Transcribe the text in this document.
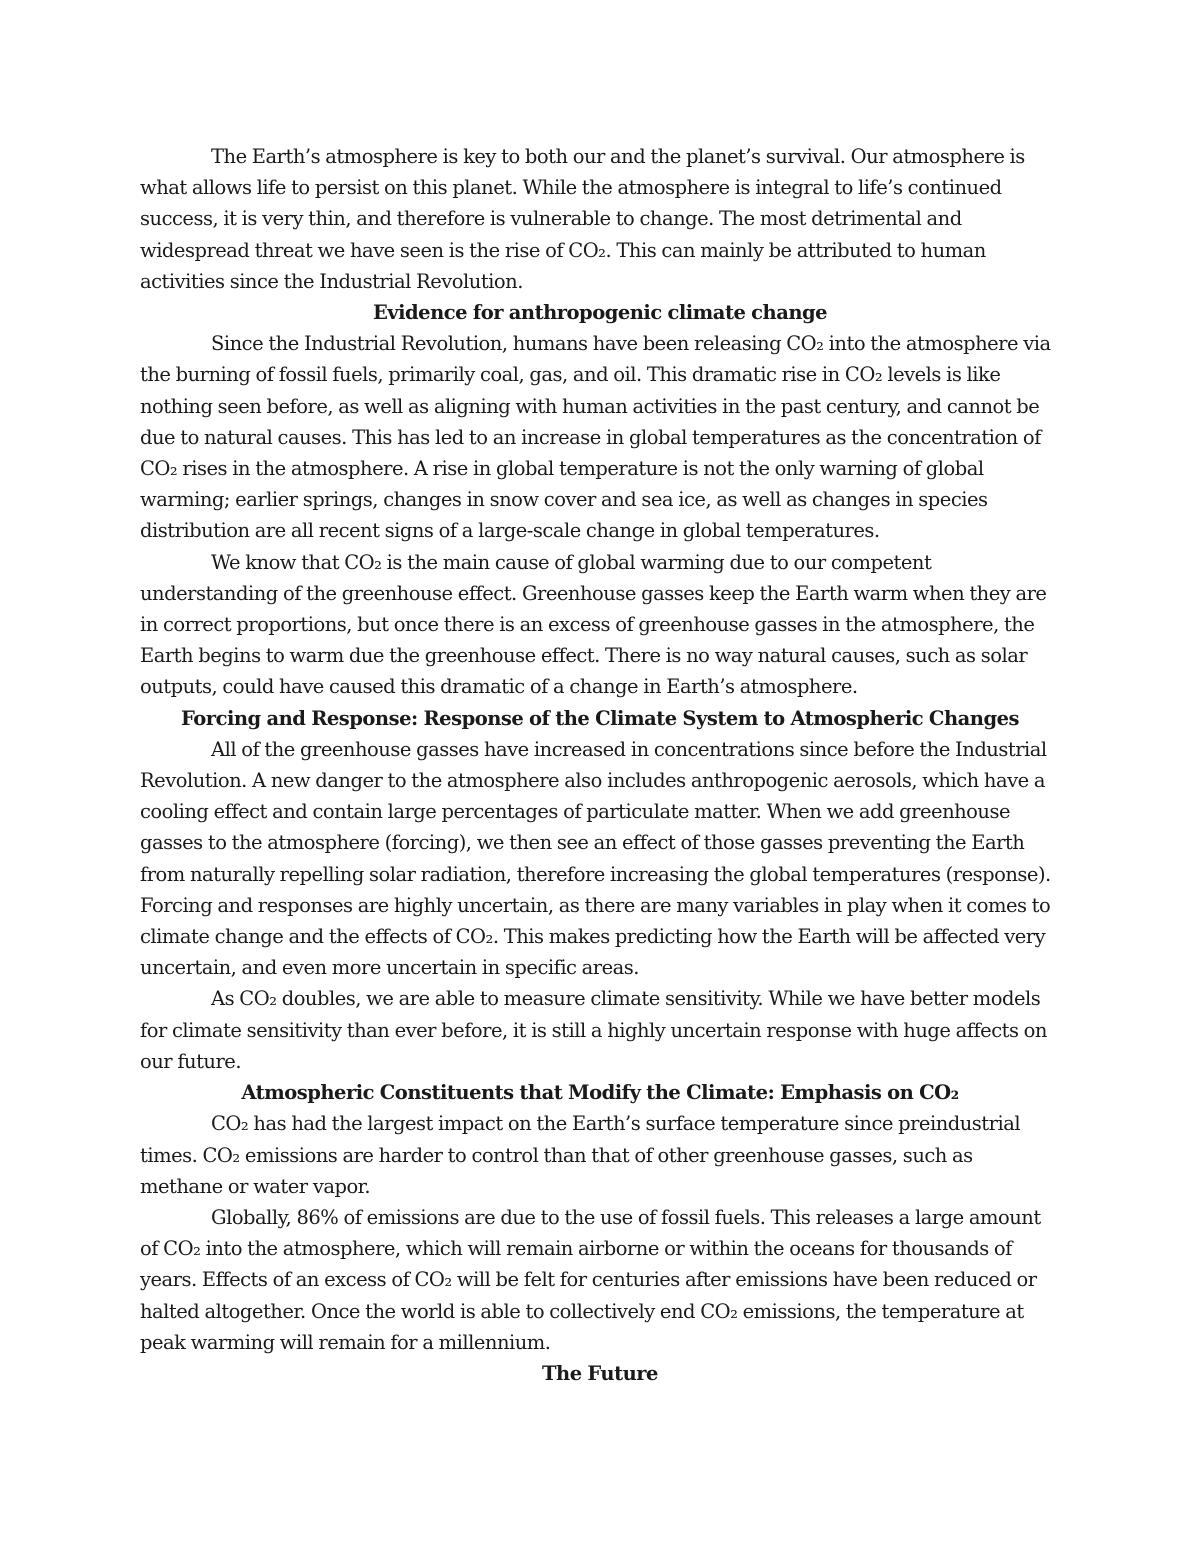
The Earth’s atmosphere is key to both our and the planet’s survival. Our atmosphere is what allows life to persist on this planet. While the atmosphere is integral to life’s continued success, it is very thin, and therefore is vulnerable to change. The most detrimental and widespread threat we have seen is the rise of CO₂. This can mainly be attributed to human activities since the Industrial Revolution.

Evidence for anthropogenic climate change

Since the Industrial Revolution, humans have been releasing CO₂ into the atmosphere via the burning of fossil fuels, primarily coal, gas, and oil. This dramatic rise in CO₂ levels is like nothing seen before, as well as aligning with human activities in the past century, and cannot be due to natural causes. This has led to an increase in global temperatures as the concentration of CO₂ rises in the atmosphere. A rise in global temperature is not the only warning of global warming; earlier springs, changes in snow cover and sea ice, as well as changes in species distribution are all recent signs of a large-scale change in global temperatures.

We know that CO₂ is the main cause of global warming due to our competent understanding of the greenhouse effect. Greenhouse gasses keep the Earth warm when they are in correct proportions, but once there is an excess of greenhouse gasses in the atmosphere, the Earth begins to warm due the greenhouse effect. There is no way natural causes, such as solar outputs, could have caused this dramatic of a change in Earth’s atmosphere.

Forcing and Response: Response of the Climate System to Atmospheric Changes

All of the greenhouse gasses have increased in concentrations since before the Industrial Revolution. A new danger to the atmosphere also includes anthropogenic aerosols, which have a cooling effect and contain large percentages of particulate matter. When we add greenhouse gasses to the atmosphere (forcing), we then see an effect of those gasses preventing the Earth from naturally repelling solar radiation, therefore increasing the global temperatures (response). Forcing and responses are highly uncertain, as there are many variables in play when it comes to climate change and the effects of CO₂. This makes predicting how the Earth will be affected very uncertain, and even more uncertain in specific areas.

As CO₂ doubles, we are able to measure climate sensitivity. While we have better models for climate sensitivity than ever before, it is still a highly uncertain response with huge affects on our future.

Atmospheric Constituents that Modify the Climate: Emphasis on CO₂

CO₂ has had the largest impact on the Earth’s surface temperature since preindustrial times. CO₂ emissions are harder to control than that of other greenhouse gasses, such as methane or water vapor.

Globally, 86% of emissions are due to the use of fossil fuels. This releases a large amount of CO₂ into the atmosphere, which will remain airborne or within the oceans for thousands of years. Effects of an excess of CO₂ will be felt for centuries after emissions have been reduced or halted altogether. Once the world is able to collectively end CO₂ emissions, the temperature at peak warming will remain for a millennium.

The Future
